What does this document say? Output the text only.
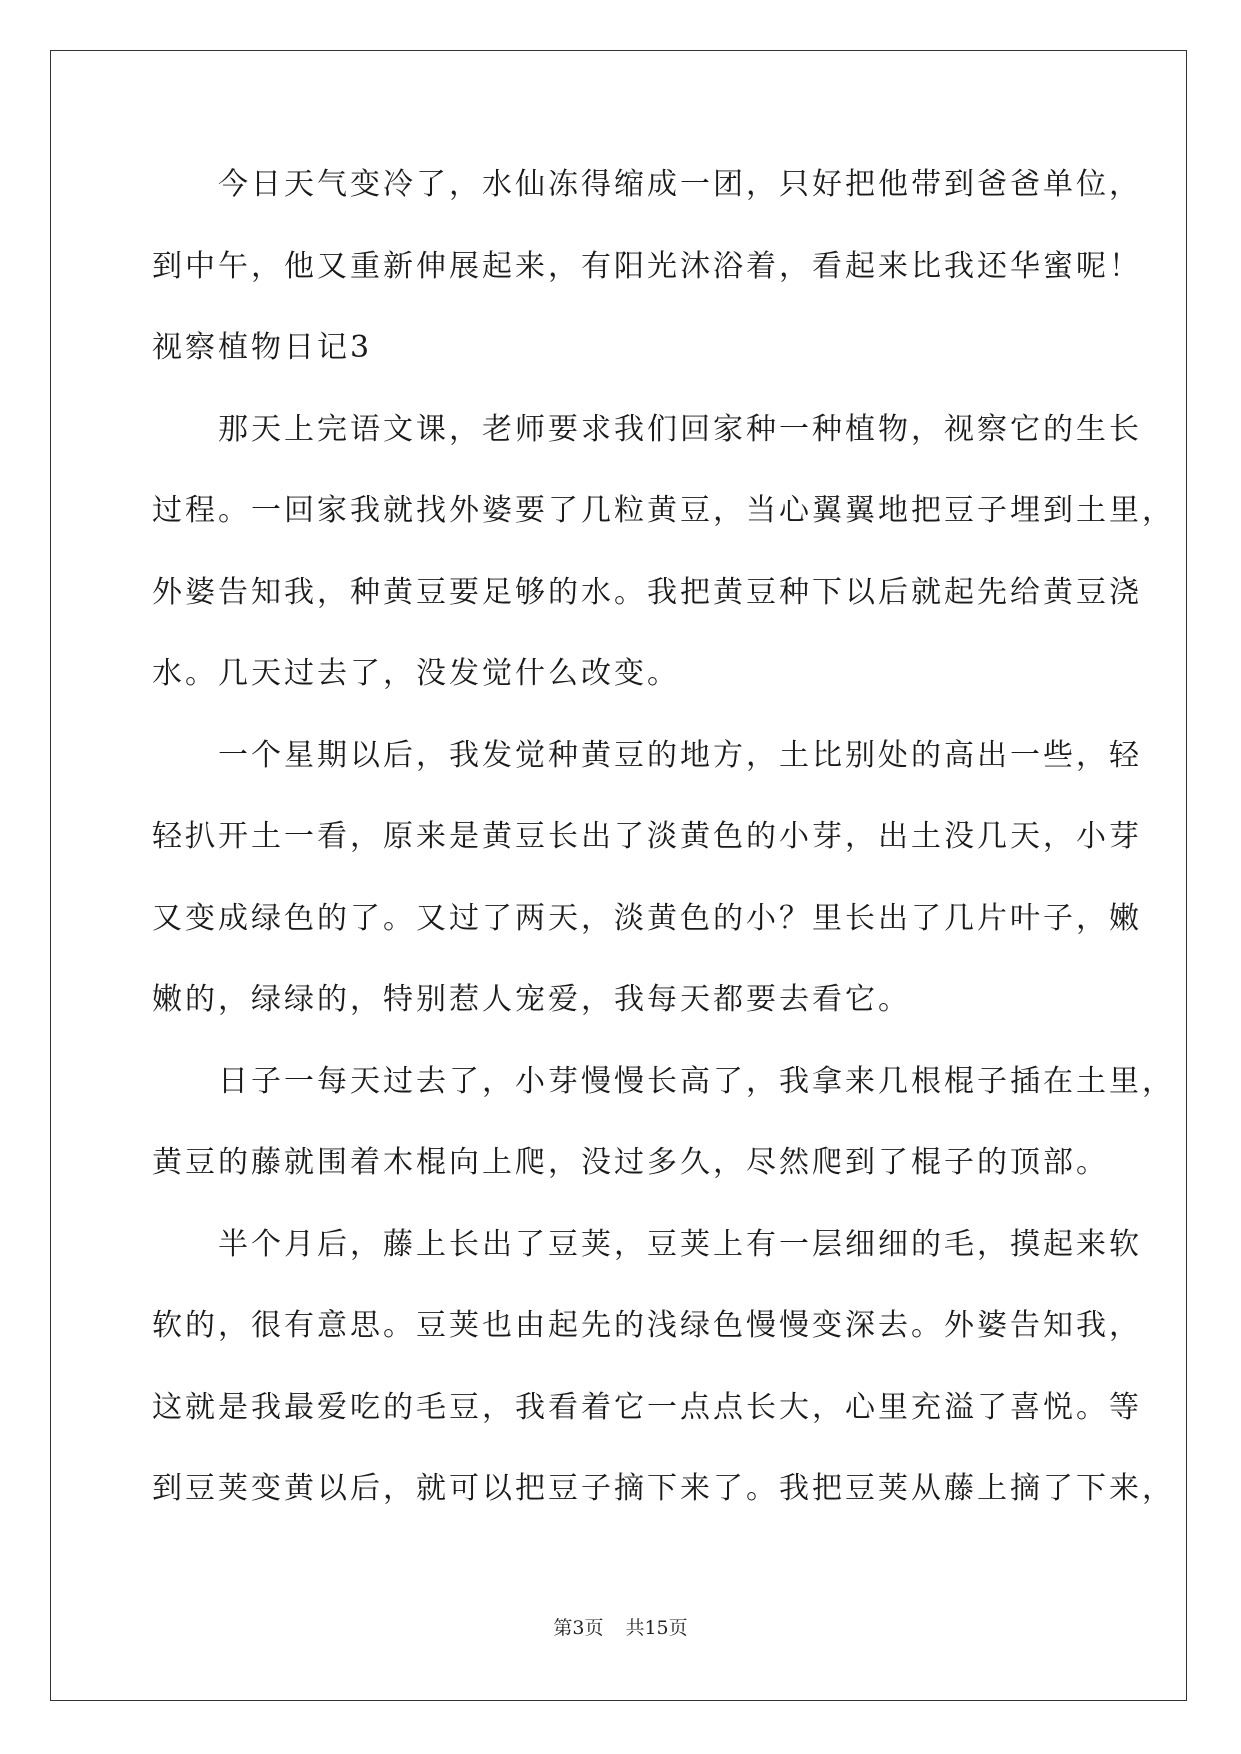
　　今日天气变冷了，水仙冻得缩成一团，只好把他带到爸爸单位，
到中午，他又重新伸展起来，有阳光沐浴着，看起来比我还华蜜呢！
视察植物日记3
　　那天上完语文课，老师要求我们回家种一种植物，视察它的生长
过程。一回家我就找外婆要了几粒黄豆，当心翼翼地把豆子埋到土里，
外婆告知我，种黄豆要足够的水。我把黄豆种下以后就起先给黄豆浇
水。几天过去了，没发觉什么改变。
　　一个星期以后，我发觉种黄豆的地方，土比别处的高出一些，轻
轻扒开土一看，原来是黄豆长出了淡黄色的小芽，出土没几天，小芽
又变成绿色的了。又过了两天，淡黄色的小？里长出了几片叶子，嫩
嫩的，绿绿的，特别惹人宠爱，我每天都要去看它。
　　日子一每天过去了，小芽慢慢长高了，我拿来几根棍子插在土里，
黄豆的藤就围着木棍向上爬，没过多久，尽然爬到了棍子的顶部。
　　半个月后，藤上长出了豆荚，豆荚上有一层细细的毛，摸起来软
软的，很有意思。豆荚也由起先的浅绿色慢慢变深去。外婆告知我，
这就是我最爱吃的毛豆，我看着它一点点长大，心里充溢了喜悦。等
到豆荚变黄以后，就可以把豆子摘下来了。我把豆荚从藤上摘了下来，
第3页 共15页
